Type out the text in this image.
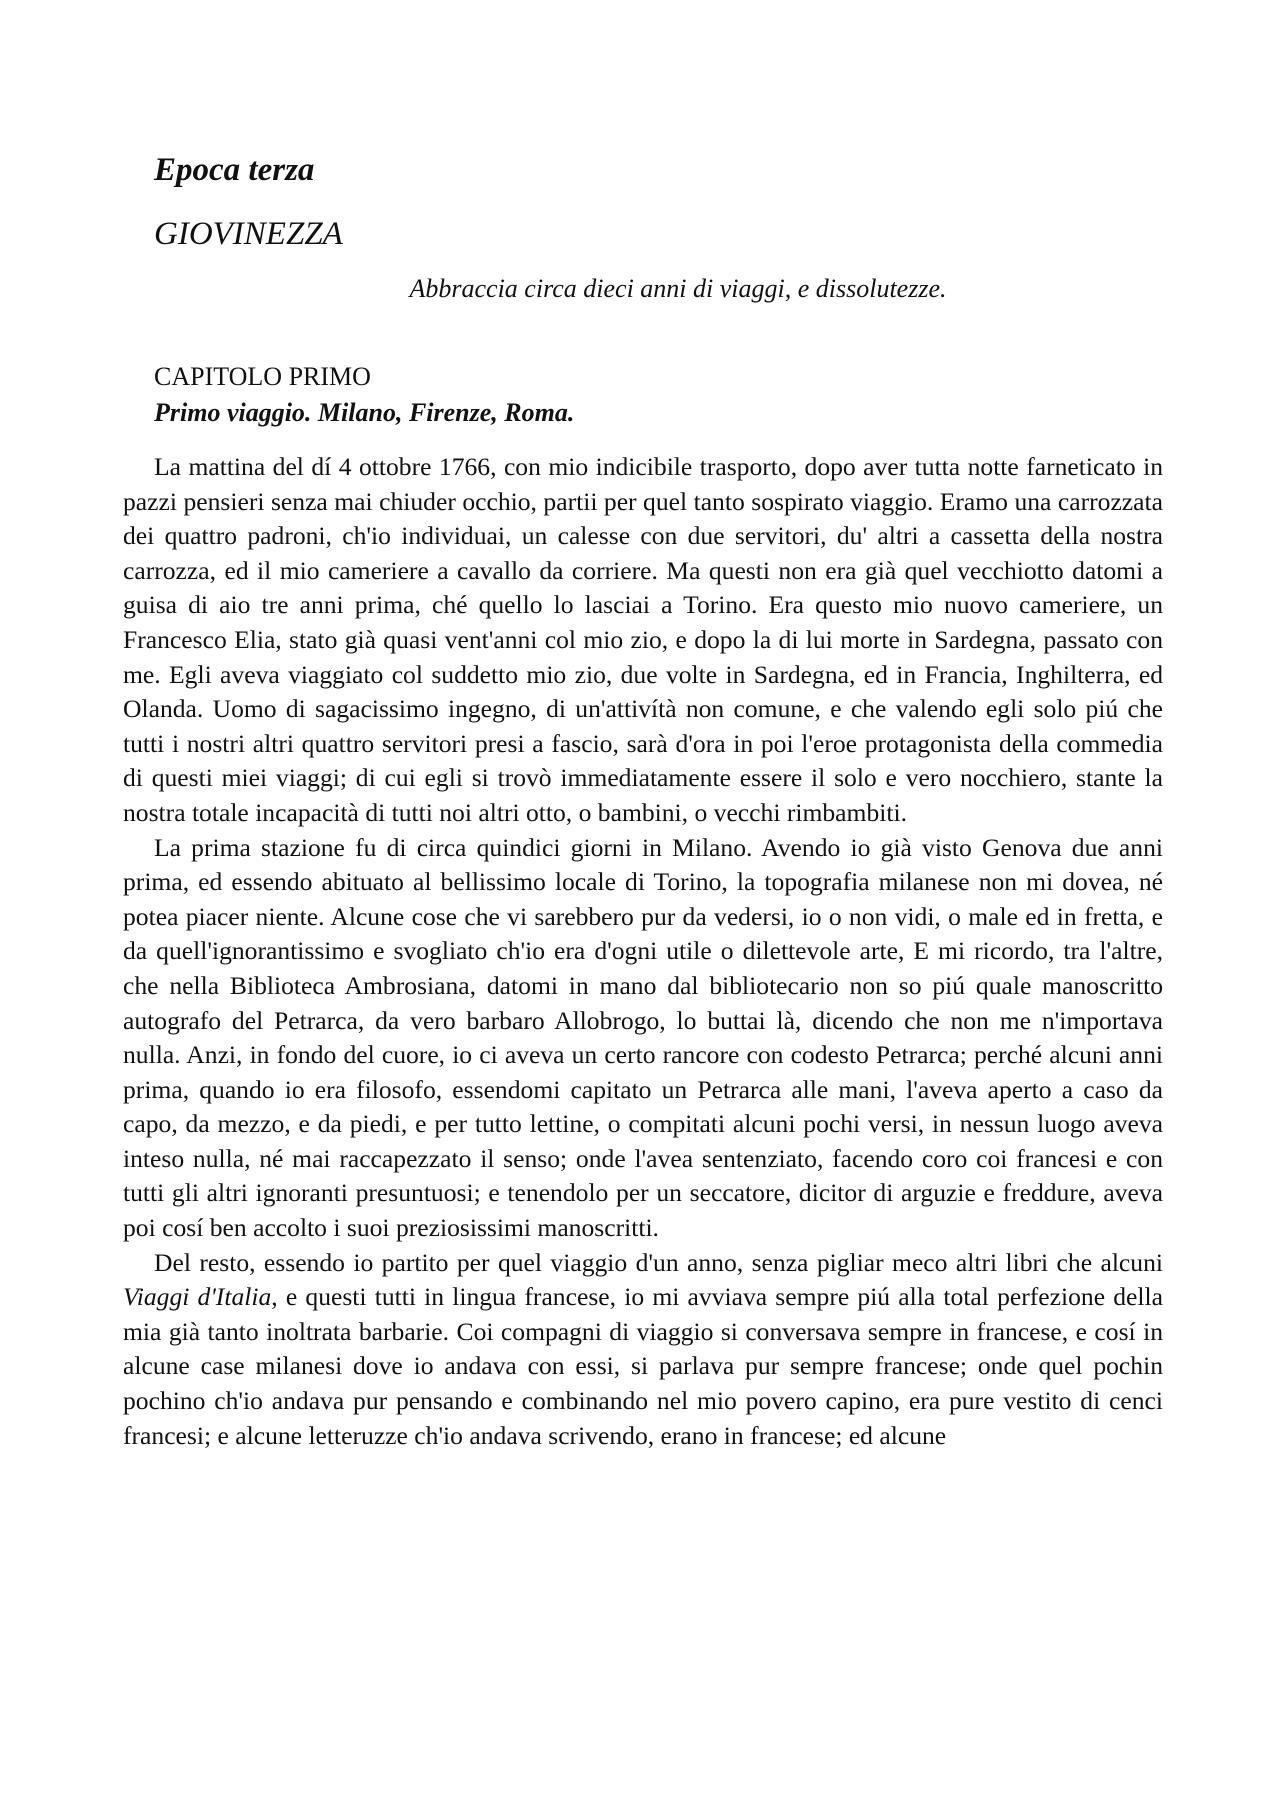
Epoca terza
GIOVINEZZA
Abbraccia circa dieci anni di viaggi, e dissolutezze.
CAPITOLO PRIMO
Primo viaggio. Milano, Firenze, Roma.

La mattina del dí 4 ottobre 1766, con mio indicibile trasporto, dopo aver tutta notte farneticato in pazzi pensieri senza mai chiuder occhio, partii per quel tanto sospirato viaggio. Eramo una carrozzata dei quattro padroni, ch'io individuai, un calesse con due servitori, du' altri a cassetta della nostra carrozza, ed il mio cameriere a cavallo da corriere. Ma questi non era già quel vecchiotto datomi a guisa di aio tre anni prima, ché quello lo lasciai a Torino. Era questo mio nuovo cameriere, un Francesco Elia, stato già quasi vent'anni col mio zio, e dopo la di lui morte in Sardegna, passato con me. Egli aveva viaggiato col suddetto mio zio, due volte in Sardegna, ed in Francia, Inghilterra, ed Olanda. Uomo di sagacissimo ingegno, di un'attivítà non comune, e che valendo egli solo piú che tutti i nostri altri quattro servitori presi a fascio, sarà d'ora in poi l'eroe protagonista della commedia di questi miei viaggi; di cui egli si trovò immediatamente essere il solo e vero nocchiero, stante la nostra totale incapacità di tutti noi altri otto, o bambini, o vecchi rimbambiti.

La prima stazione fu di circa quindici giorni in Milano. Avendo io già visto Genova due anni prima, ed essendo abituato al bellissimo locale di Torino, la topografia milanese non mi dovea, né potea piacer niente. Alcune cose che vi sarebbero pur da vedersi, io o non vidi, o male ed in fretta, e da quell'ignorantissimo e svogliato ch'io era d'ogni utile o dilettevole arte, E mi ricordo, tra l'altre, che nella Biblioteca Ambrosiana, datomi in mano dal bibliotecario non so piú quale manoscritto autografo del Petrarca, da vero barbaro Allobrogo, lo buttai là, dicendo che non me n'importava nulla. Anzi, in fondo del cuore, io ci aveva un certo rancore con codesto Petrarca; perché alcuni anni prima, quando io era filosofo, essendomi capitato un Petrarca alle mani, l'aveva aperto a caso da capo, da mezzo, e da piedi, e per tutto lettine, o compitati alcuni pochi versi, in nessun luogo aveva inteso nulla, né mai raccapezzato il senso; onde l'avea sentenziato, facendo coro coi francesi e con tutti gli altri ignoranti presuntuosi; e tenendolo per un seccatore, dicitor di arguzie e freddure, aveva poi cosí ben accolto i suoi preziosissimi manoscritti.

Del resto, essendo io partito per quel viaggio d'un anno, senza pigliar meco altri libri che alcuni Viaggi d'Italia, e questi tutti in lingua francese, io mi avviava sempre piú alla total perfezione della mia già tanto inoltrata barbarie. Coi compagni di viaggio si conversava sempre in francese, e cosí in alcune case milanesi dove io andava con essi, si parlava pur sempre francese; onde quel pochin pochino ch'io andava pur pensando e combinando nel mio povero capino, era pure vestito di cenci francesi; e alcune letteruzze ch'io andava scrivendo, erano in francese; ed alcune
